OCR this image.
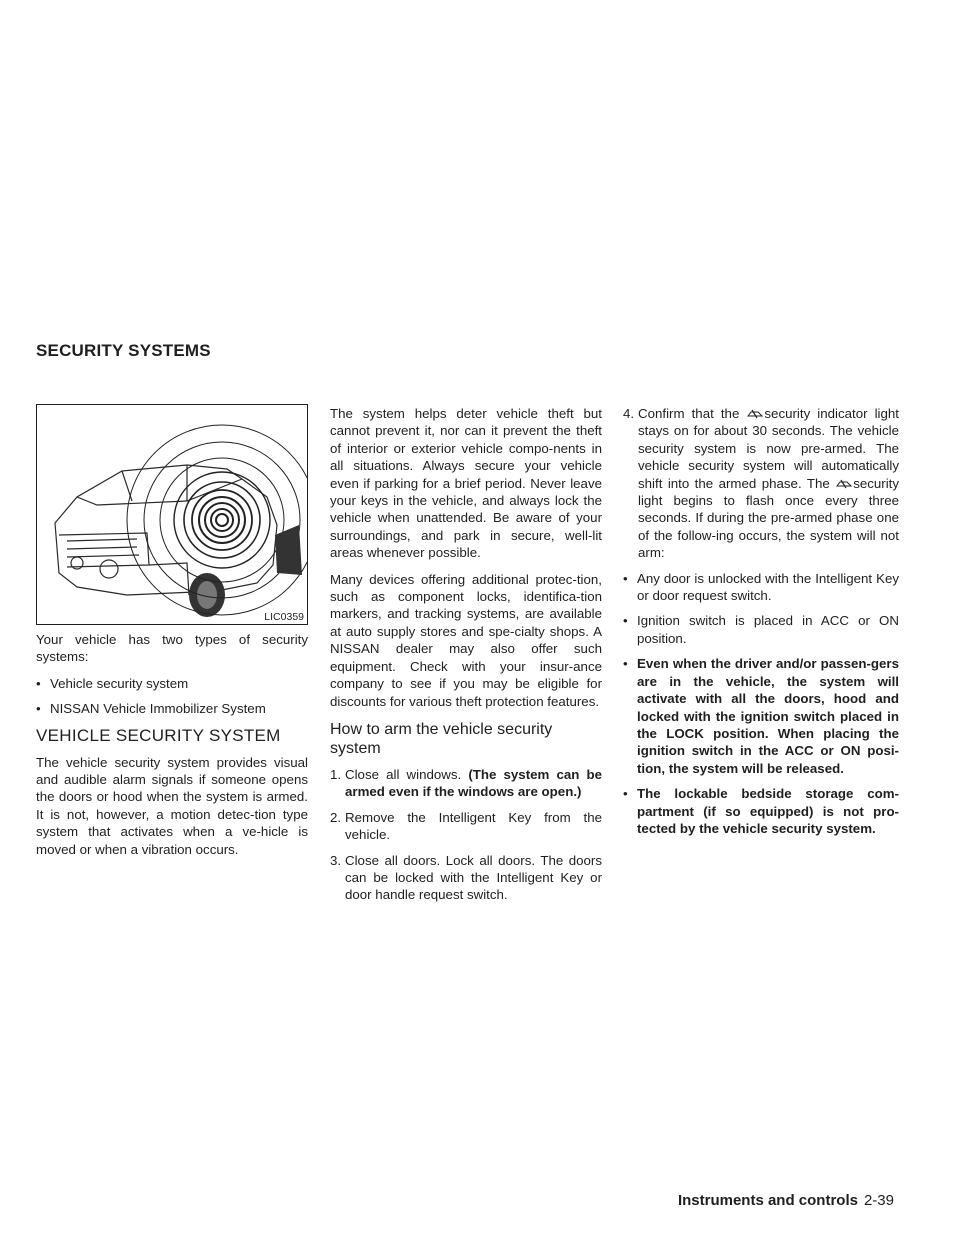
SECURITY SYSTEMS
LIC0359

Your vehicle has two types of security systems:

• Vehicle security system
• NISSAN Vehicle Immobilizer System
VEHICLE SECURITY SYSTEM

The vehicle security system provides visual and audible alarm signals if someone opens the doors or hood when the system is armed. It is not, however, a motion detec-tion type system that activates when a ve-hicle is moved or when a vibration occurs.

The system helps deter vehicle theft but cannot prevent it, nor can it prevent the theft of interior or exterior vehicle compo-nents in all situations. Always secure your vehicle even if parking for a brief period. Never leave your keys in the vehicle, and always lock the vehicle when unattended. Be aware of your surroundings, and park in secure, well-lit areas whenever possible.

Many devices offering additional protec-tion, such as component locks, identifica-tion markers, and tracking systems, are available at auto supply stores and spe-cialty shops. A NISSAN dealer may also offer such equipment. Check with your insur-ance company to see if you may be eligible for discounts for various theft protection features.

How to arm the vehicle security system
1. Close all windows. (The system can be armed even if the windows are open.)
2. Remove the Intelligent Key from the vehicle.
3. Close all doors. Lock all doors. The doors can be locked with the Intelligent Key or door handle request switch.
4. Confirm that the security indicator light stays on for about 30 seconds. The vehicle security system is now pre-armed. The vehicle security system will automatically shift into the armed phase. The security light begins to flash once every three seconds. If during the pre-armed phase one of the follow-ing occurs, the system will not arm:
• Any door is unlocked with the Intelligent Key or door request switch.
• Ignition switch is placed in ACC or ON position.
• Even when the driver and/or passen-gers are in the vehicle, the system will activate with all the doors, hood and locked with the ignition switch placed in the LOCK position. When placing the ignition switch in the ACC or ON posi-tion, the system will be released.
• The lockable bedside storage com-partment (if so equipped) is not pro-tected by the vehicle security system.
Instruments and controls 2-39
